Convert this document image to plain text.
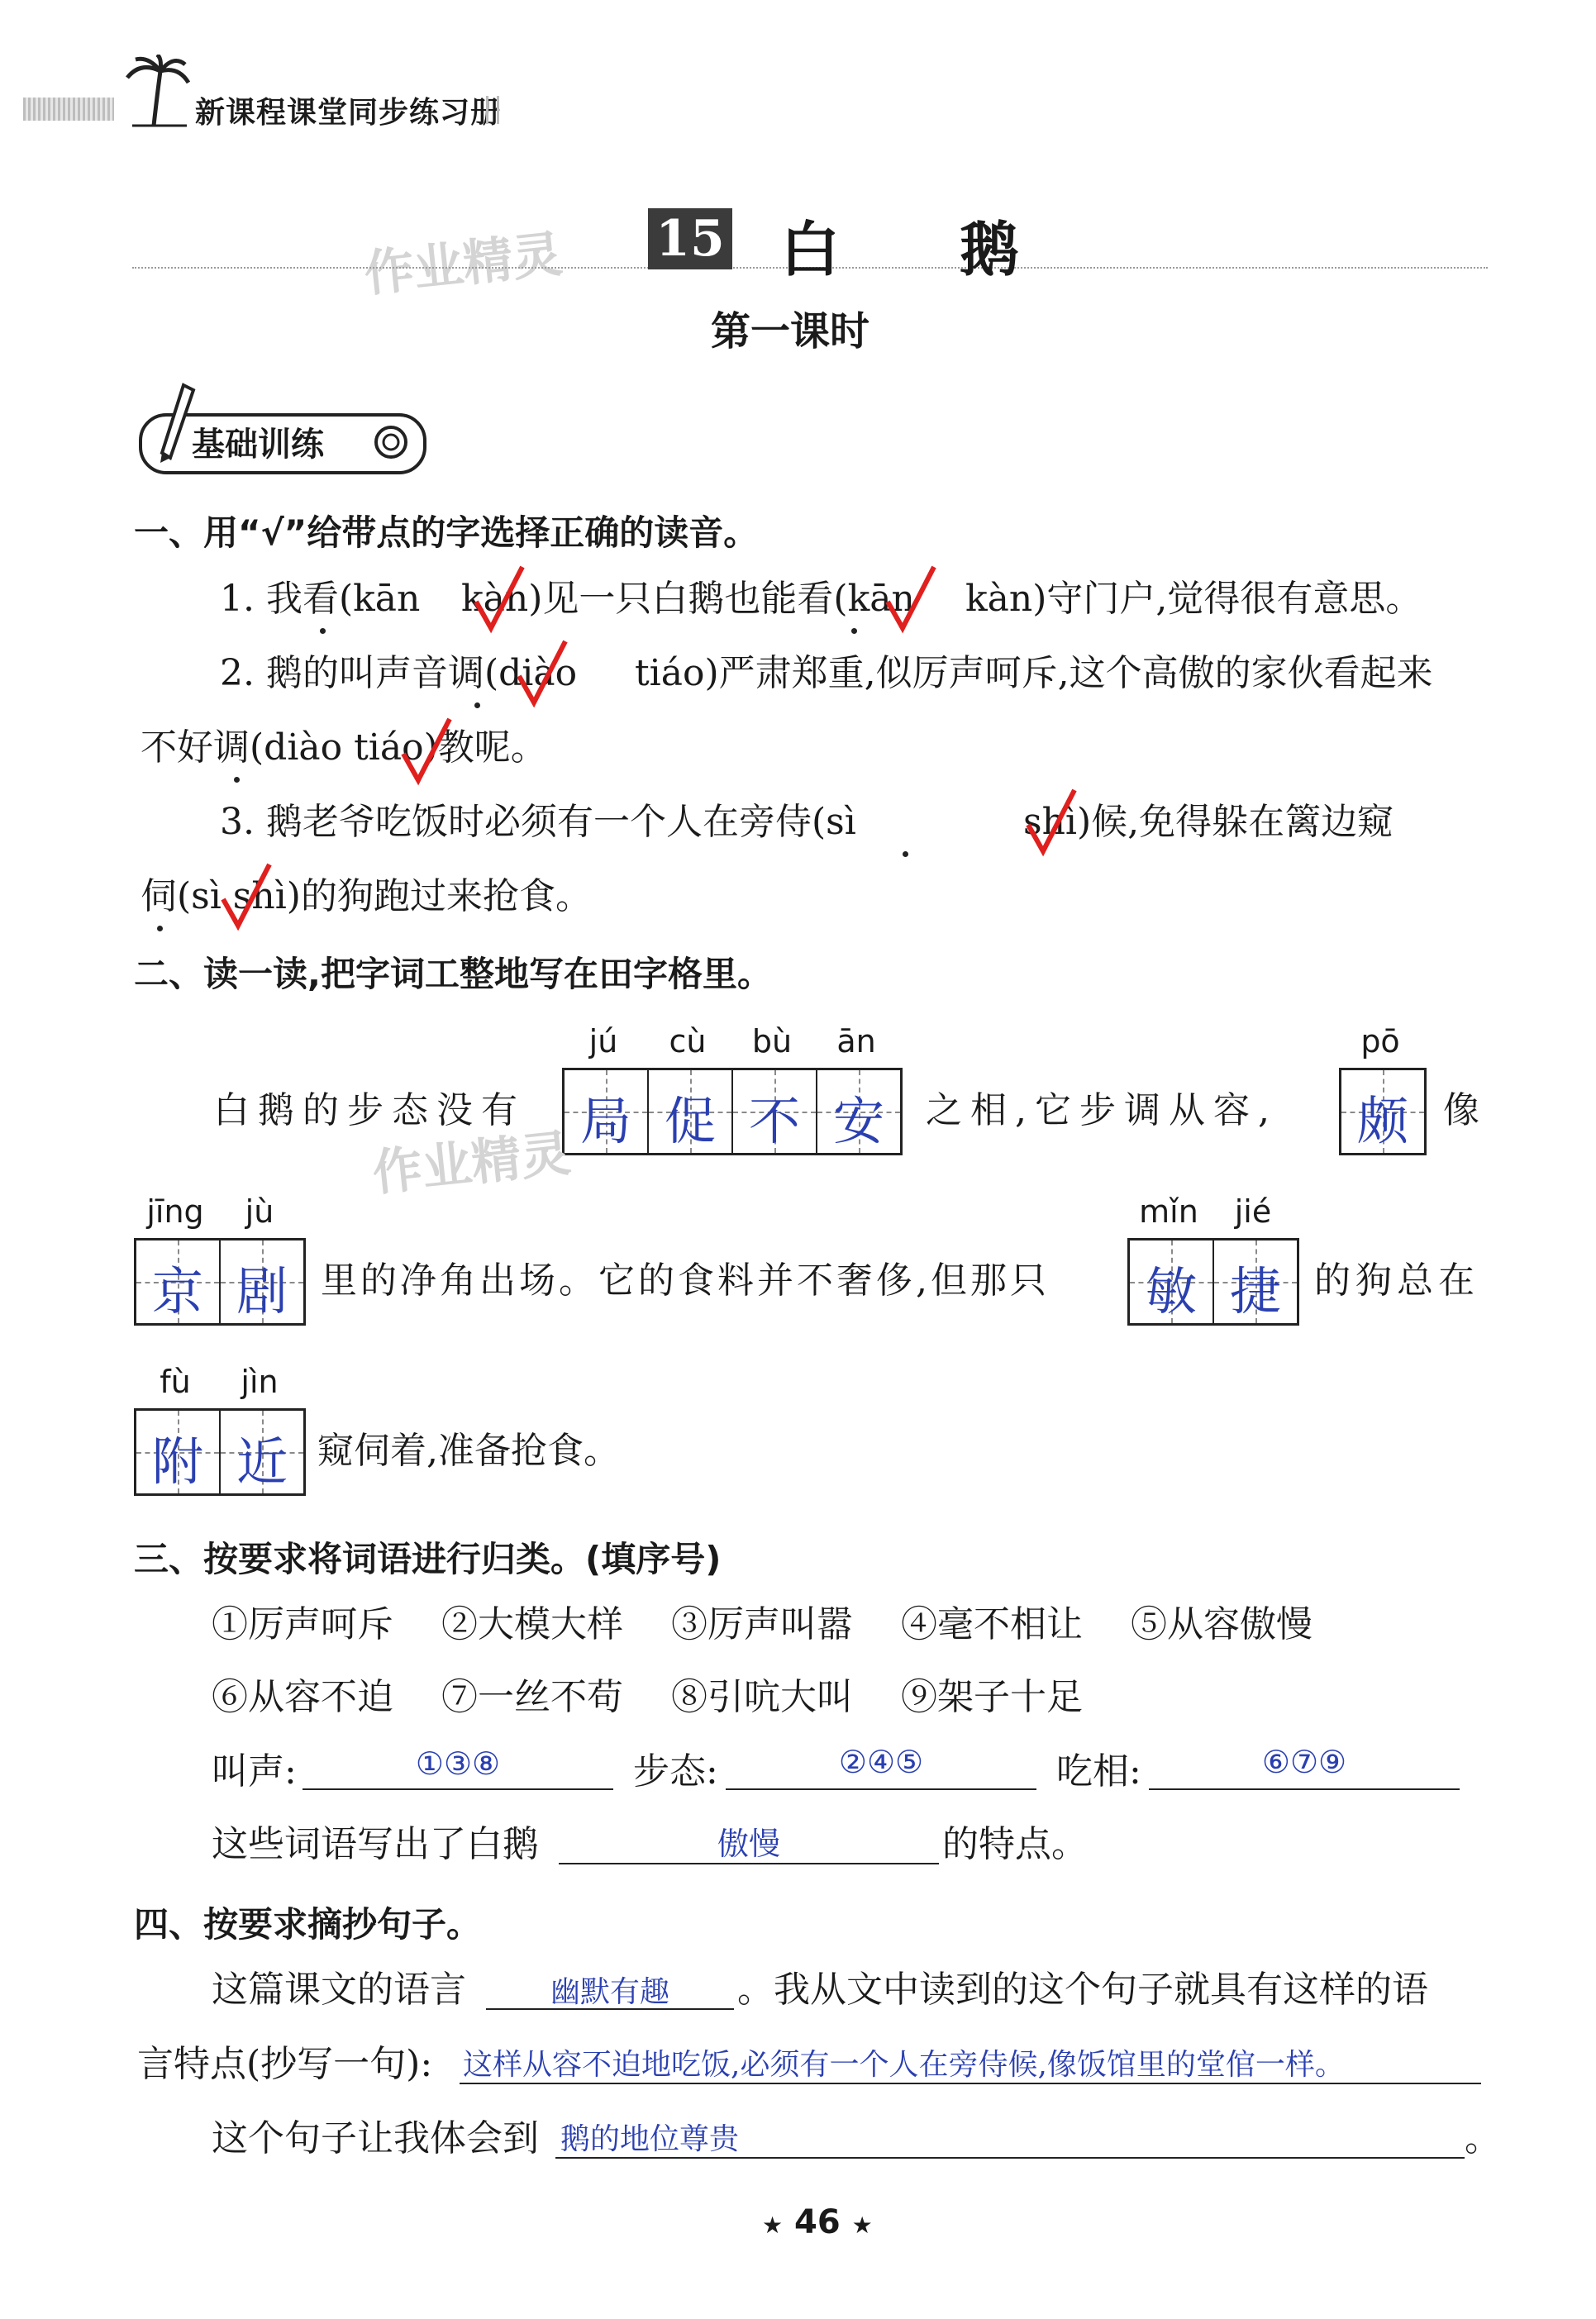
新课程课堂同步练习册
作业精灵 15 白 鹅
第一课时
基础训练
一、用“√”给带点的字选择正确的读音。
1. 我看(kān kàn)见一只白鹅也能看(kān kàn)守门户,觉得很有意思。
2. 鹅的叫声音调(diào tiáo)严肃郑重,似厉声呵斥,这个高傲的家伙看起来
不好调(diào tiáo)教呢。
3. 鹅老爷吃饭时必须有一个人在旁侍(sì	shì)候,免得躲在篱边窥
伺(sì shì)的狗跑过来抢食。
二、读一读,把字词工整地写在田字格里。
jú	cù	bù	ān
局 促 不 安
白鹅的步态没有
作业精灵
之相,它步调从容,
pō
颇 像
jīng	jù
京 剧 里的净角出场。它的食料并不奢侈,但那只
mǐn	jié
敏 捷 的狗总在
fù	jìn
附 近 窥伺着,准备抢食。
三、按要求将词语进行归类。(填序号)
①厉声呵斥 ②大模大样 ③厉声叫嚣 ④毫不相让 ⑤从容傲慢
⑥从容不迫 ⑦一丝不苟 ⑧引吭大叫 ⑨架子十足
叫声:	①③⑧	步态:	②④⑤	吃相:	⑥⑦⑨
这些词语写出了白鹅	傲慢	的特点。
四、按要求摘抄句子。
这篇课文的语言	幽默有趣	。我从文中读到的这个句子就具有这样的语
言特点(抄写一句): 这样从容不迫地吃饭,必须有一个人在旁侍候,像饭馆里的堂倌一样。
这个句子让我体会到 鹅的地位尊贵	。
★ 46 ★
